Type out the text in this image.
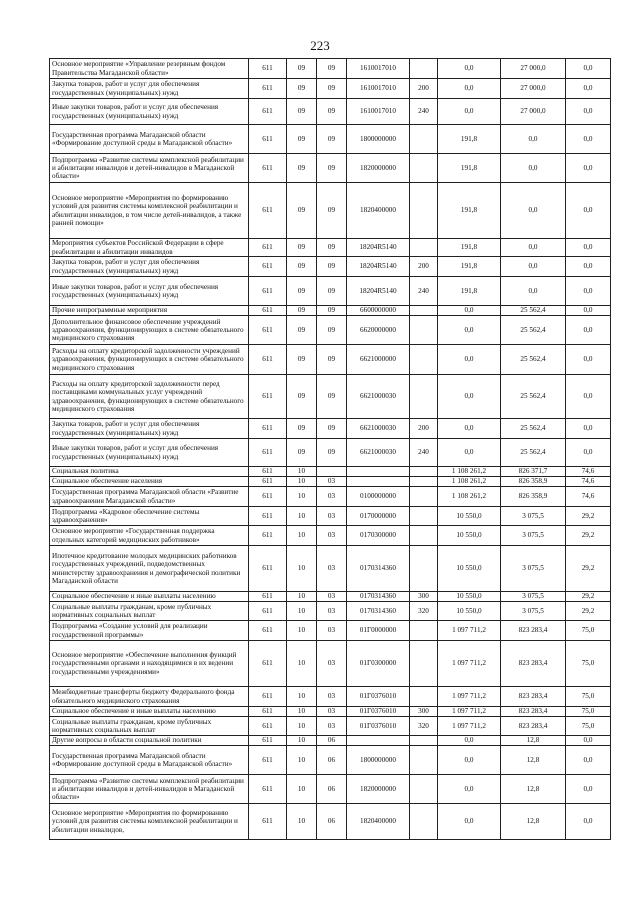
223
Основное мероприятие «Управление резервным фондом Правительства Магаданской области»	611	09	09	1610017010		0,0	27 000,0	0,0
Закупка товаров, работ и услуг для обеспечения государственных (муниципальных) нужд	611	09	09	1610017010	200	0,0	27 000,0	0,0
Иные закупки товаров, работ и услуг для обеспечения государственных (муниципальных) нужд	611	09	09	1610017010	240	0,0	27 000,0	0,0
Государственная программа Магаданской области «Формирование доступной среды в Магаданской области»	611	09	09	1800000000		191,8	0,0	0,0
Подпрограмма «Развитие системы комплексной реабилитации и абилитации инвалидов и детей-инвалидов в Магаданской области»	611	09	09	1820000000		191,8	0,0	0,0
Основное мероприятие «Мероприятия по формированию условий для развития системы комплексной реабилитации и абилитации инвалидов, в том числе детей-инвалидов, а также ранней помощи»	611	09	09	1820400000		191,8	0,0	0,0
Мероприятия субъектов Российской Федерации в сфере реабилитации и абилитации инвалидов	611	09	09	18204R5140		191,8	0,0	0,0
Закупка товаров, работ и услуг для обеспечения государственных (муниципальных) нужд	611	09	09	18204R5140	200	191,8	0,0	0,0
Иные закупки товаров, работ и услуг для обеспечения государственных (муниципальных) нужд	611	09	09	18204R5140	240	191,8	0,0	0,0
Прочие непрограммные мероприятия	611	09	09	6600000000		0,0	25 562,4	0,0
Дополнительное финансовое обеспечение учреждений здравоохранения, функционирующих в системе обязательного медицинского страхования	611	09	09	6620000000		0,0	25 562,4	0,0
Расходы на оплату кредиторской задолженности учреждений здравоохранения, функционирующих в системе обязательного медицинского страхования	611	09	09	6621000000		0,0	25 562,4	0,0
Расходы на оплату кредиторской задолженности перед поставщиками коммунальных услуг учреждений здравоохранения, функционирующих в системе обязательного медицинского страхования	611	09	09	6621000030		0,0	25 562,4	0,0
Закупка товаров, работ и услуг для обеспечения государственных (муниципальных) нужд	611	09	09	6621000030	200	0,0	25 562,4	0,0
Иные закупки товаров, работ и услуг для обеспечения государственных (муниципальных) нужд	611	09	09	6621000030	240	0,0	25 562,4	0,0
Социальная политика	611	10				1 108 261,2	826 371,7	74,6
Социальное обеспечение населения	611	10	03			1 108 261,2	826 358,9	74,6
Государственная программа Магаданской области «Развитие здравоохранения Магаданской области»	611	10	03	0100000000		1 108 261,2	826 358,9	74,6
Подпрограмма «Кадровое обеспечение системы здравоохранения»	611	10	03	0170000000		10 550,0	3 075,5	29,2
Основное мероприятие «Государственная поддержка отдельных категорий медицинских работников»	611	10	03	0170300000		10 550,0	3 075,5	29,2
Ипотечное кредитование молодых медицинских работников государственных учреждений, подведомственных министерству здравоохранения и демографической политики Магаданской области	611	10	03	0170314360		10 550,0	3 075,5	29,2
Социальное обеспечение и иные выплаты населению	611	10	03	0170314360	300	10 550,0	3 075,5	29,2
Социальные выплаты гражданам, кроме публичных нормативных социальных выплат	611	10	03	0170314360	320	10 550,0	3 075,5	29,2
Подпрограмма «Создание условий для реализации государственной программы»	611	10	03	01Г0000000		1 097 711,2	823 283,4	75,0
Основное мероприятие «Обеспечение выполнения функций государственными органами и находящимися в их ведении государственными учреждениями»	611	10	03	01Г0300000		1 097 711,2	823 283,4	75,0
Межбюджетные трансферты бюджету Федерального фонда обязательного медицинского страхования	611	10	03	01Г0376010		1 097 711,2	823 283,4	75,0
Социальное обеспечение и иные выплаты населению	611	10	03	01Г0376010	300	1 097 711,2	823 283,4	75,0
Социальные выплаты гражданам, кроме публичных нормативных социальных выплат	611	10	03	01Г0376010	320	1 097 711,2	823 283,4	75,0
Другие вопросы в области социальной политики	611	10	06			0,0	12,8	0,0
Государственная программа Магаданской области «Формирование доступной среды в Магаданской области»	611	10	06	1800000000		0,0	12,8	0,0
Подпрограмма «Развитие системы комплексной реабилитации и абилитации инвалидов и детей-инвалидов в Магаданской области»	611	10	06	1820000000		0,0	12,8	0,0
Основное мероприятие «Мероприятия по формированию условий для развития системы комплексной реабилитации и абилитации инвалидов,	611	10	06	1820400000		0,0	12,8	0,0
